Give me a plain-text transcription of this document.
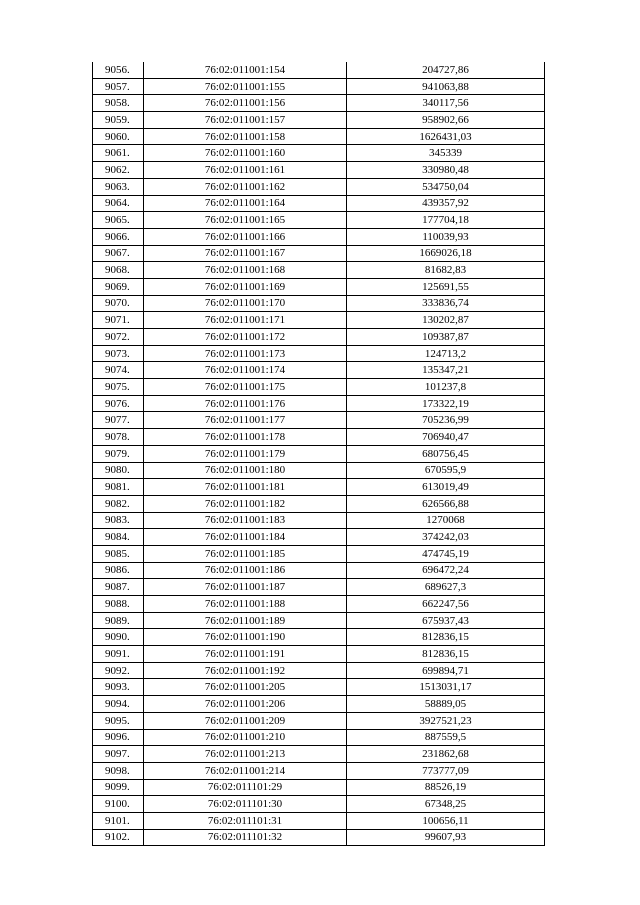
9056.	76:02:011001:154	204727,86
9057.	76:02:011001:155	941063,88
9058.	76:02:011001:156	340117,56
9059.	76:02:011001:157	958902,66
9060.	76:02:011001:158	1626431,03
9061.	76:02:011001:160	345339
9062.	76:02:011001:161	330980,48
9063.	76:02:011001:162	534750,04
9064.	76:02:011001:164	439357,92
9065.	76:02:011001:165	177704,18
9066.	76:02:011001:166	110039,93
9067.	76:02:011001:167	1669026,18
9068.	76:02:011001:168	81682,83
9069.	76:02:011001:169	125691,55
9070.	76:02:011001:170	333836,74
9071.	76:02:011001:171	130202,87
9072.	76:02:011001:172	109387,87
9073.	76:02:011001:173	124713,2
9074.	76:02:011001:174	135347,21
9075.	76:02:011001:175	101237,8
9076.	76:02:011001:176	173322,19
9077.	76:02:011001:177	705236,99
9078.	76:02:011001:178	706940,47
9079.	76:02:011001:179	680756,45
9080.	76:02:011001:180	670595,9
9081.	76:02:011001:181	613019,49
9082.	76:02:011001:182	626566,88
9083.	76:02:011001:183	1270068
9084.	76:02:011001:184	374242,03
9085.	76:02:011001:185	474745,19
9086.	76:02:011001:186	696472,24
9087.	76:02:011001:187	689627,3
9088.	76:02:011001:188	662247,56
9089.	76:02:011001:189	675937,43
9090.	76:02:011001:190	812836,15
9091.	76:02:011001:191	812836,15
9092.	76:02:011001:192	699894,71
9093.	76:02:011001:205	1513031,17
9094.	76:02:011001:206	58889,05
9095.	76:02:011001:209	3927521,23
9096.	76:02:011001:210	887559,5
9097.	76:02:011001:213	231862,68
9098.	76:02:011001:214	773777,09
9099.	76:02:011101:29	88526,19
9100.	76:02:011101:30	67348,25
9101.	76:02:011101:31	100656,11
9102.	76:02:011101:32	99607,93
